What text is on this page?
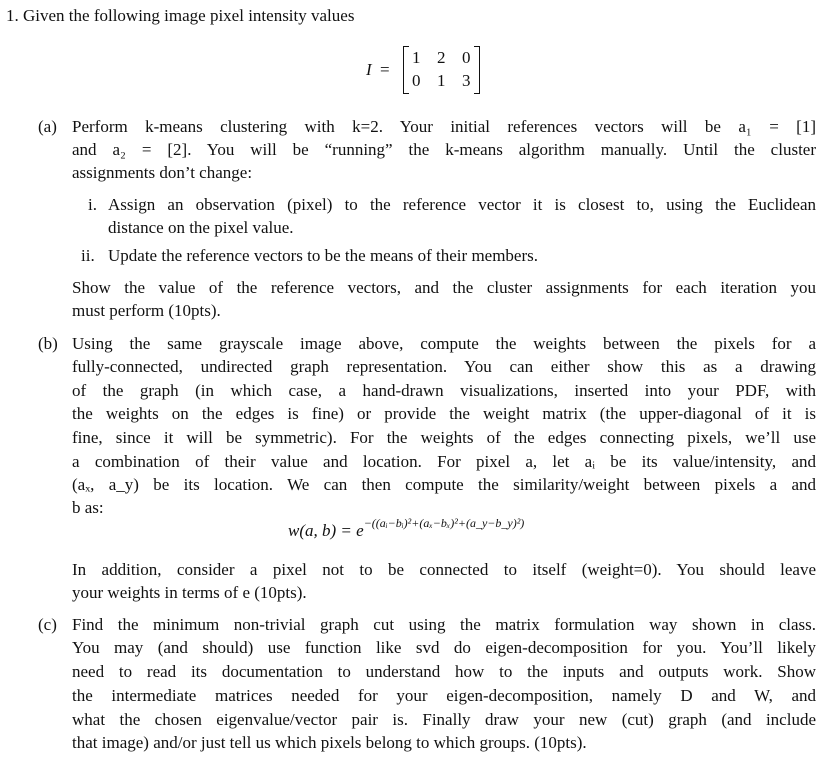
1. Given the following image pixel intensity values
I =
1 2 0
0 1 3
(a) Perform k-means clustering with k=2. Your initial references vectors will be a₁ = [1]
and a₂ = [2]. You will be “running” the k-means algorithm manually. Until the cluster
assignments don’t change:
i. Assign an observation (pixel) to the reference vector it is closest to, using the Euclidean
distance on the pixel value.
ii. Update the reference vectors to be the means of their members.
Show the value of the reference vectors, and the cluster assignments for each iteration you
must perform (10pts).
(b) Using the same grayscale image above, compute the weights between the pixels for a
fully-connected, undirected graph representation. You can either show this as a drawing
of the graph (in which case, a hand-drawn visualizations, inserted into your PDF, with
the weights on the edges is fine) or provide the weight matrix (the upper-diagonal of it is
fine, since it will be symmetric). For the weights of the edges connecting pixels, we’ll use
a combination of their value and location. For pixel a, let aᵢ be its value/intensity, and
(aₓ, a_y) be its location. We can then compute the similarity/weight between pixels a and
b as:
w(a, $b) = e^{-((aᵢ-bᵢ)^2+(a_x-b_x)^2+(a\_y-b\_y)^2)}$
In addition, consider a pixel not to be connected to itself (weight=0). You should leave
your weights in terms of e (10pts).
(c) Find the minimum non-trivial graph cut using the matrix formulation way shown in class.
You may (and should) use function like svd do eigen-decomposition for you. You’ll likely
need to read its documentation to understand how to the inputs and outputs work. Show
the intermediate matrices needed for your eigen-decomposition, namely D and W, and
what the chosen eigenvalue/vector pair is. Finally draw your new (cut) graph (and include
that image) and/or just tell us which pixels belong to which groups. (10pts).
